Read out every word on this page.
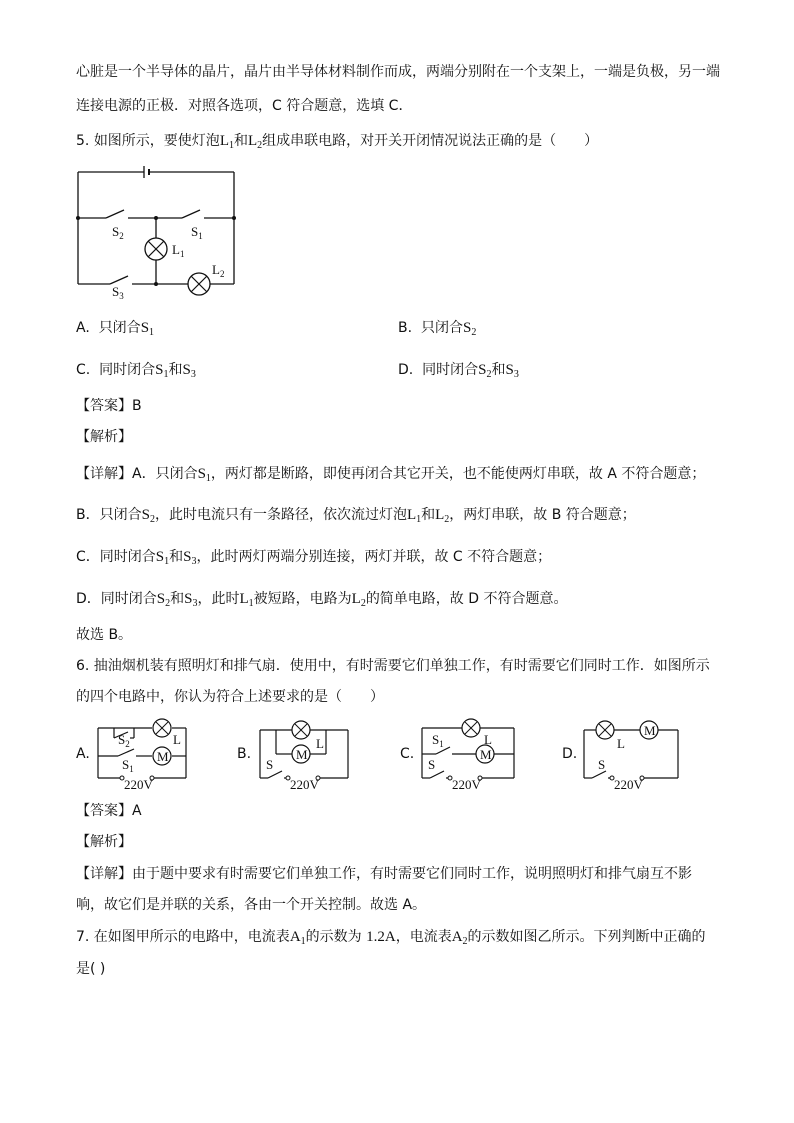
心脏是一个半导体的晶片，晶片由半导体材料制作而成，两端分别附在一个支架上，一端是负极，另一端
连接电源的正极．对照各选项，C 符合题意，选填 C．
5. 如图所示，要使灯泡$L_1$和$L_2$组成串联电路，对开关开闭情况说法正确的是（　　）
$S_2$	$S_1$
$L_1$
$L_2$
$S_3$
A. 只闭合$S_1$	B. 只闭合$S_2$
C. 同时闭合$S_1$和$S_3$	D. 同时闭合$S_2$和$S_3$
【答案】B
【解析】
【详解】A．只闭合$S_1$，两灯都是断路，即使再闭合其它开关，也不能使两灯串联，故 A 不符合题意；
B．只闭合$S_2$，此时电流只有一条路径，依次流过灯泡$L_1$和$L_2$，两灯串联，故 B 符合题意；
C．同时闭合$S_1$和$S_3$，此时两灯两端分别连接，两灯并联，故 C 不符合题意；
D．同时闭合$S_2$和$S_3$，此时$L_1$被短路，电路为$L_2$的简单电路，故 D 不符合题意。
故选 B。
6. 抽油烟机装有照明灯和排气扇．使用中，有时需要它们单独工作，有时需要它们同时工作．如图所示
的四个电路中，你认为符合上述要求的是（　　）
A.	M
L
$S_2$
$S_1$
220V
B.	M
L
S
220V
C.	M
L
$S_1$
S
220V
D.
M
L
S
220V
【答案】A
【解析】
【详解】由于题中要求有时需要它们单独工作，有时需要它们同时工作，说明照明灯和排气扇互不影
响，故它们是并联的关系，各由一个开关控制。故选 A。
7. 在如图甲所示的电路中，电流表$A_1$的示数为 1.2A，电流表$A_2$的示数如图乙所示。下列判断中正确的
是( )
